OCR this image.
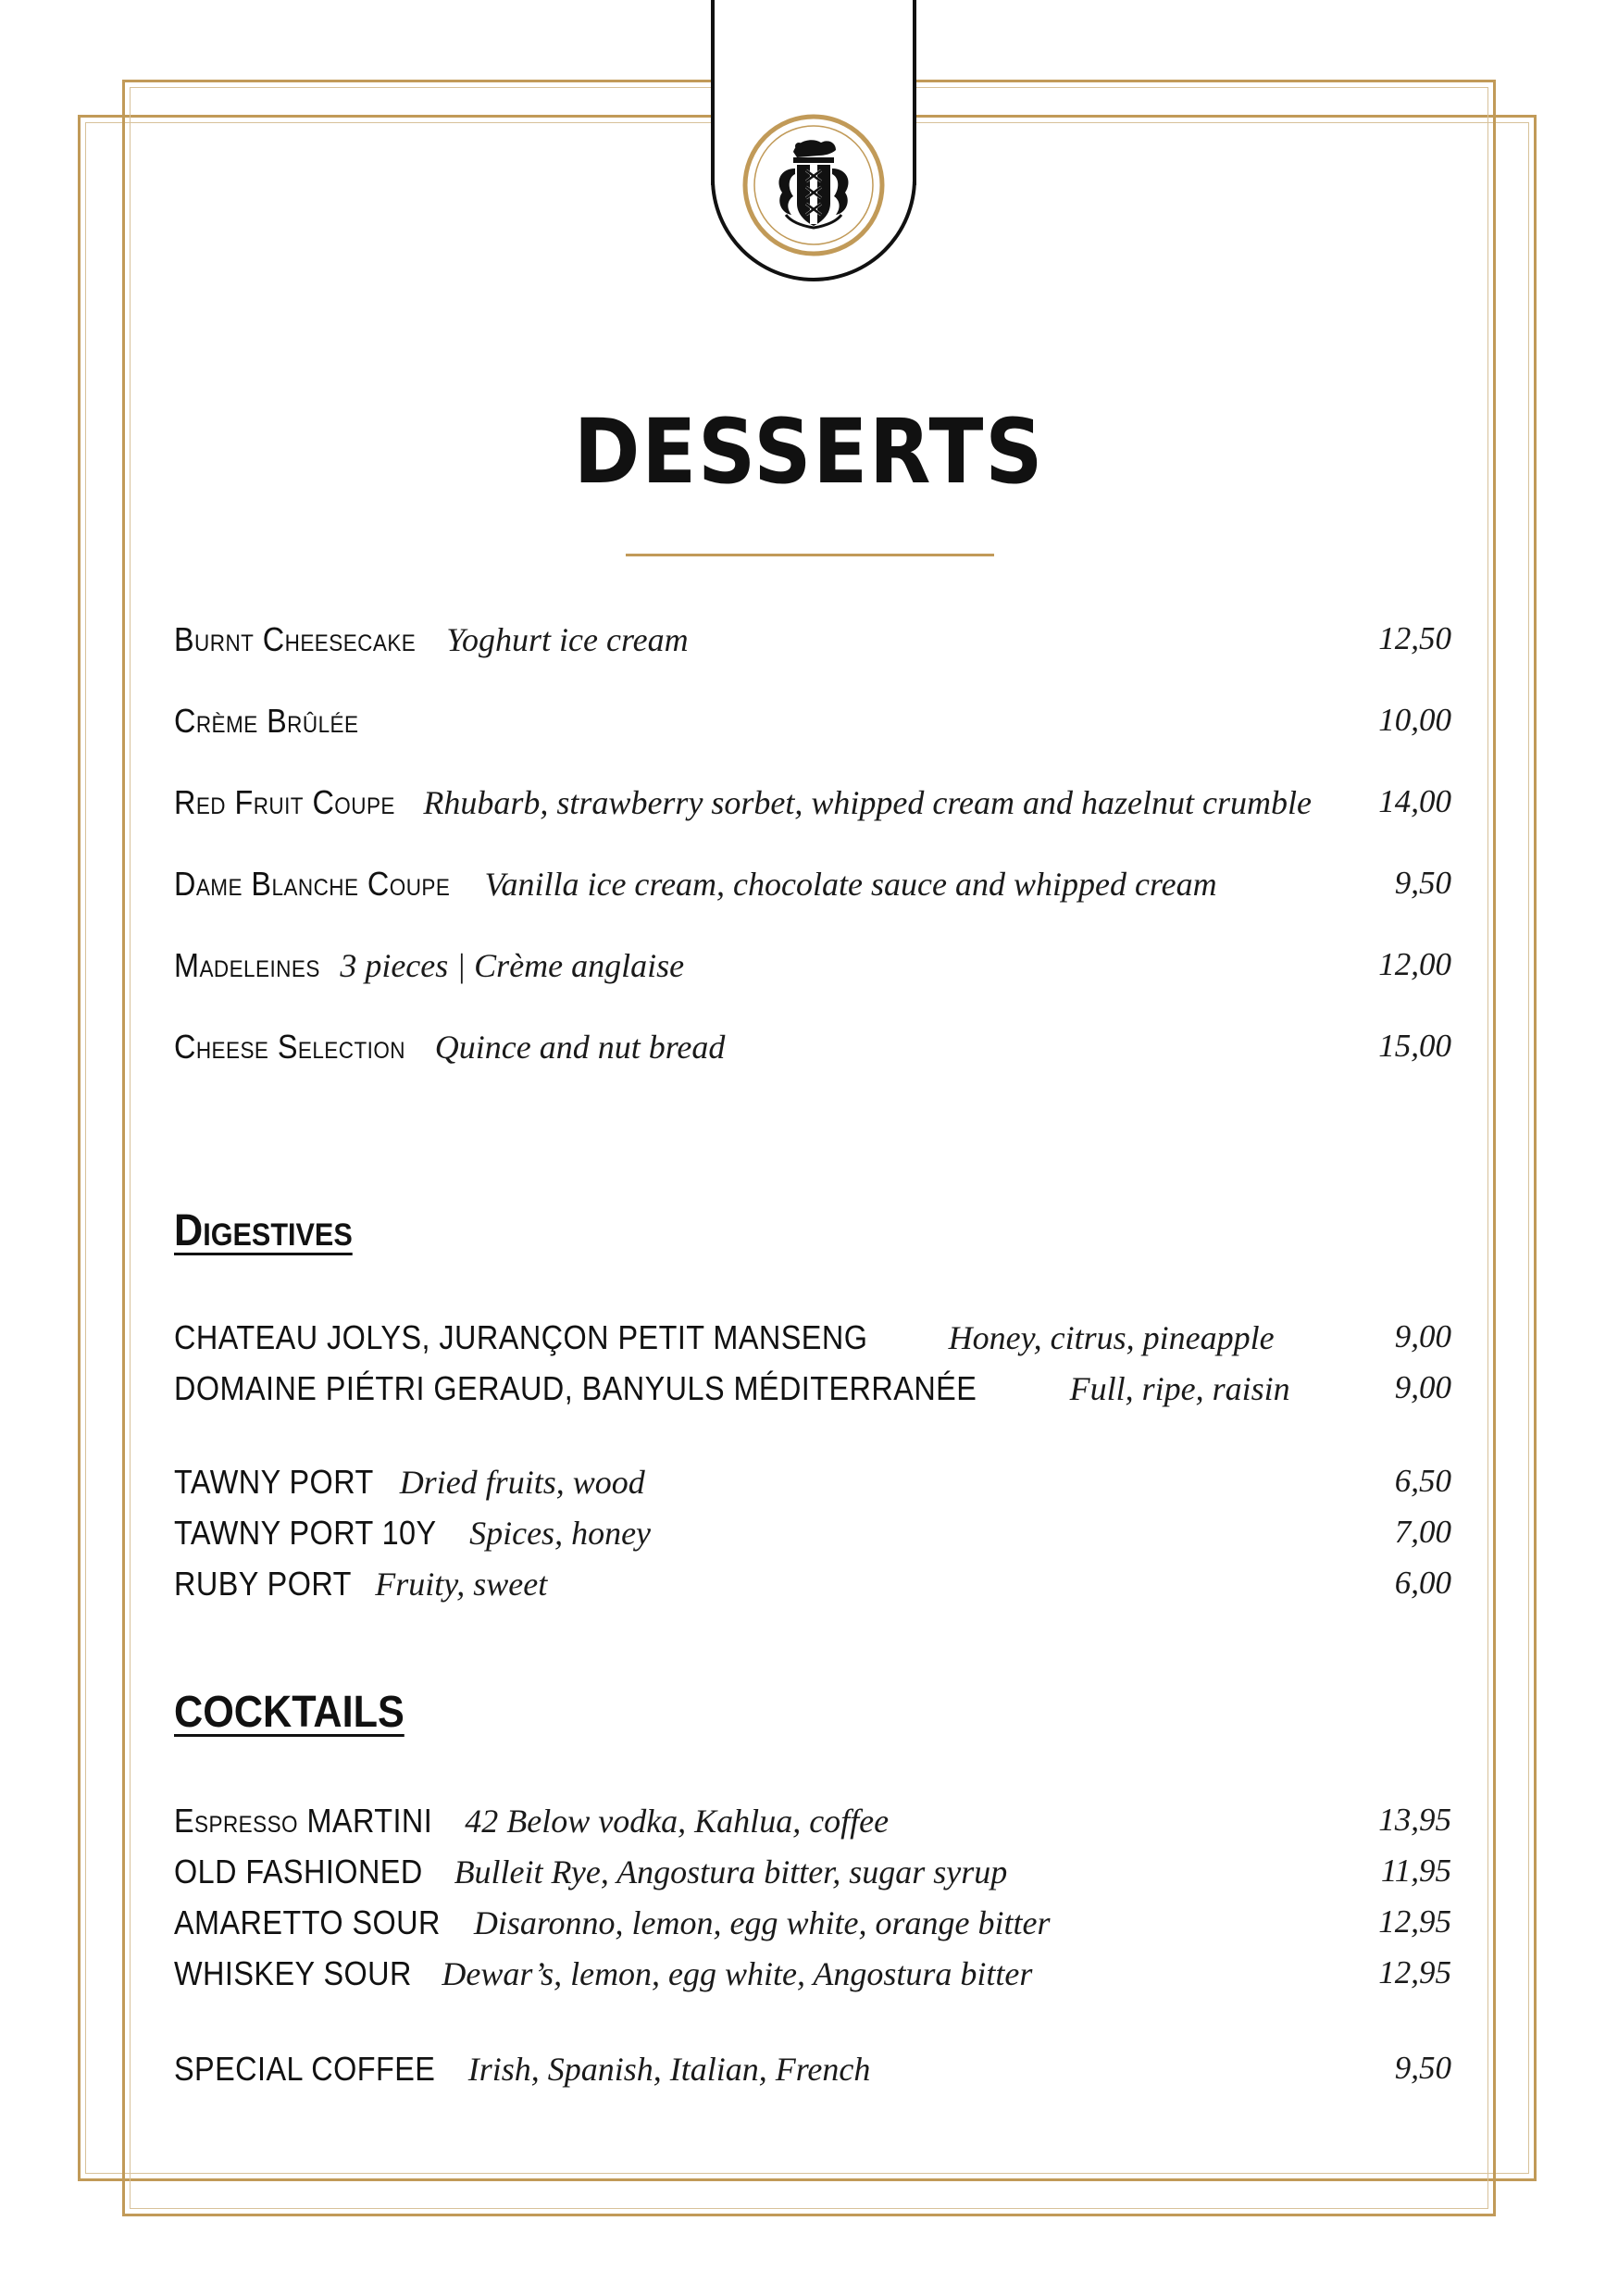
DESSERTS
Burnt Cheesecake Yoghurt ice cream	12,50
Crème Brûlée	10,00
Red Fruit Coupe Rhubarb, strawberry sorbet, whipped cream and hazelnut crumble 14,00
Dame Blanche Coupe Vanilla ice cream, chocolate sauce and whipped cream	9,50
Madeleines 3 pieces | Crème anglaise	12,00
Cheese Selection Quince and nut bread	15,00
Digestives
CHATEAU JOLYS, JURANÇON PETIT MANSENG Honey, citrus, pineapple	9,00
DOMAINE PIÉTRI GERAUD, BANYULS MÉDITERRANÉE	Full, ripe, raisin	9,00
TAWNY PORT Dried fruits, wood	6,50
TAWNY PORT 10Y Spices, honey	7,00
RUBY PORT Fruity, sweet	6,00
COCKTAILS
Espresso MARTINI 42 Below vodka, Kahlua, coffee	13,95
OLD FASHIONED Bulleit Rye, Angostura bitter, sugar syrup	11,95
AMARETTO SOUR Disaronno, lemon, egg white, orange bitter	12,95
WHISKEY SOUR Dewar’s, lemon, egg white, Angostura bitter	12,95
SPECIAL COFFEE Irish, Spanish, Italian, French	9,50
